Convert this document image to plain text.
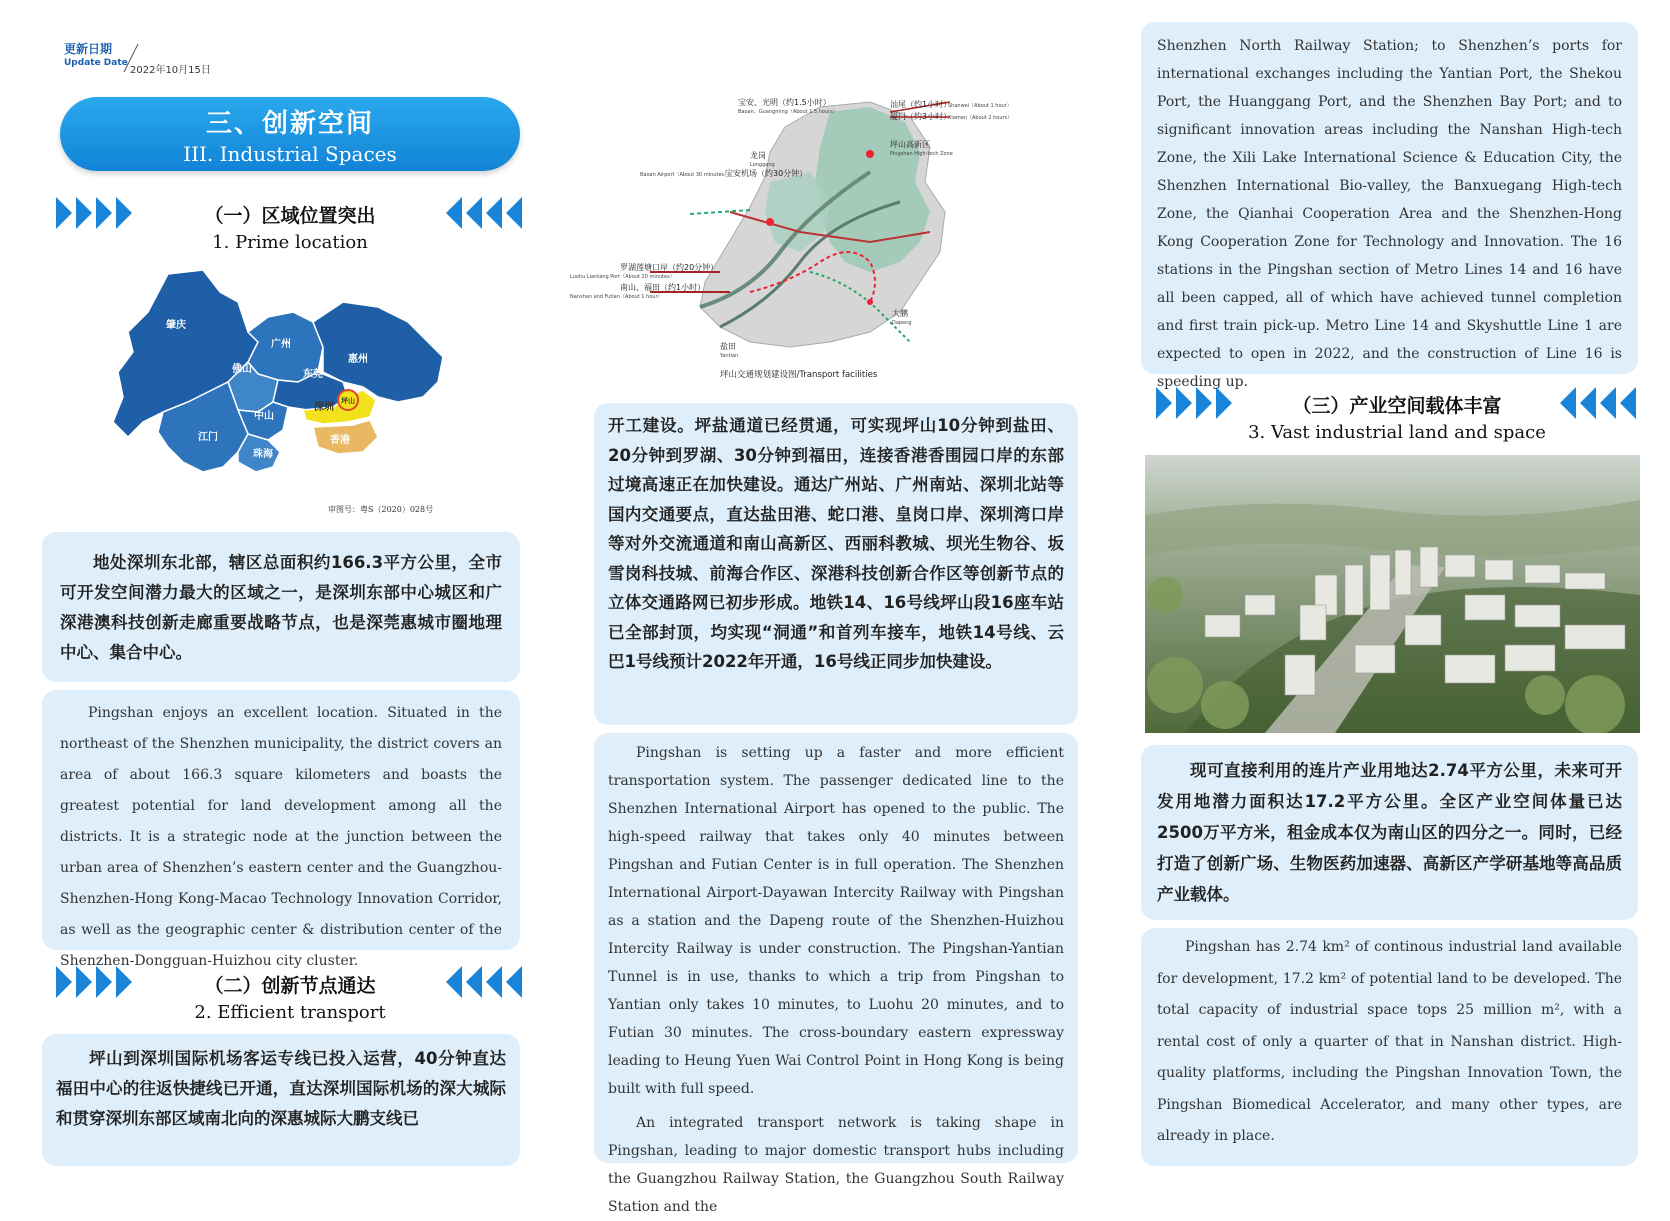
更新日期
Update Date
2022年10月15日
三、创新空间
III. Industrial Spaces
（一）区域位置突出
1. Prime location
肇庆
广州
惠州
佛山	东莞
深圳
坪山
中山
江门
珠海
香港
审图号：粤S（2020）028号
地处深圳东北部，辖区总面积约166.3平方公里，全市可开发空间潜力最大的区域之一，是深圳东部中心城区和广深港澳科技创新走廊重要战略节点，也是深莞惠城市圈地理中心、集合中心。
Pingshan enjoys an excellent location. Situated in the northeast of the Shenzhen municipality, the district covers an area of about 166.3 square kilometers and boasts the greatest potential for land development among all the districts. It is a strategic node at the junction between the urban area of Shenzhen’s eastern center and the Guangzhou-Shenzhen-Hong Kong-Macao Technology Innovation Corridor, as well as the geographic center & distribution center of the Shenzhen-Dongguan-Huizhou city cluster.
（二）创新节点通达
2. Efficient transport
坪山到深圳国际机场客运专线已投入运营，40分钟直达福田中心的往返快捷线已开通，直达深圳国际机场的深大城际和贯穿深圳东部区域南北向的深惠城际大鹏支线已
宝安、光明（约1.5小时）
Baoan、Guangming（About 1.5 hours）
汕尾（约1小时）
Shanwei（About 1 hour）
厦门（约3小时）
Xiamen（About 2 hours）
坪山高新区
Pingshan High-tech Zone
龙岗
Longgang
宝安机场（约30分钟）
Baoan Airport（About 30 minutes）
罗湖莲塘口岸（约20分钟）
Luohu Liantang Port（About 20 minutes）
南山、福田（约1小时）
Nanshan and Futian（About 1 hour）
大鹏
Dapeng
盐田
Yantian
坪山交通规划建设图/Transport facilities
开工建设。坪盐通道已经贯通，可实现坪山10分钟到盐田、20分钟到罗湖、30分钟到福田，连接香港香围园口岸的东部过境高速正在加快建设。通达广州站、广州南站、深圳北站等国内交通要点，直达盐田港、蛇口港、皇岗口岸、深圳湾口岸等对外交流通道和南山高新区、西丽科教城、坝光生物谷、坂雪岗科技城、前海合作区、深港科技创新合作区等创新节点的立体交通路网已初步形成。地铁14、16号线坪山段16座车站已全部封顶，均实现“洞通”和首列车接车，地铁14号线、云巴1号线预计2022年开通，16号线正同步加快建设。
Pingshan is setting up a faster and more efficient transportation system. The passenger dedicated line to the Shenzhen International Airport has opened to the public. The high-speed railway that takes only 40 minutes between Pingshan and Futian Center is in full operation. The Shenzhen International Airport-Dayawan Intercity Railway with Pingshan as a station and the Dapeng route of the Shenzhen-Huizhou Intercity Railway is under construction. The Pingshan-Yantian Tunnel is in use, thanks to which a trip from Pingshan to Yantian only takes 10 minutes, to Luohu 20 minutes, and to Futian 30 minutes. The cross-boundary eastern expressway leading to Heung Yuen Wai Control Point in Hong Kong is being built with full speed.
An integrated transport network is taking shape in Pingshan, leading to major domestic transport hubs including the Guangzhou Railway Station, the Guangzhou South Railway Station and the
Shenzhen North Railway Station; to Shenzhen’s ports for international exchanges including the Yantian Port, the Shekou Port, the Huanggang Port, and the Shenzhen Bay Port; and to significant innovation areas including the Nanshan High-tech Zone, the Xili Lake International Science & Education City, the Shenzhen International Bio-valley, the Banxuegang High-tech Zone, the Qianhai Cooperation Area and the Shenzhen-Hong Kong Cooperation Zone for Technology and Innovation. The 16 stations in the Pingshan section of Metro Lines 14 and 16 have all been capped, all of which have achieved tunnel completion and first train pick-up. Metro Line 14 and Skyshuttle Line 1 are expected to open in 2022, and the construction of Line 16 is speeding up.
（三）产业空间载体丰富
3. Vast industrial land and space
现可直接利用的连片产业用地达2.74平方公里，未来可开发用地潜力面积达17.2平方公里。全区产业空间体量已达2500万平方米，租金成本仅为南山区的四分之一。同时，已经打造了创新广场、生物医药加速器、高新区产学研基地等高品质产业载体。
Pingshan has 2.74 km² of continous industrial land available for development, 17.2 km² of potential land to be developed. The total capacity of industrial space tops 25 million m², with a rental cost of only a quarter of that in Nanshan district. High-quality platforms, including the Pingshan Innovation Town, the Pingshan Biomedical Accelerator, and many other types, are already in place.
